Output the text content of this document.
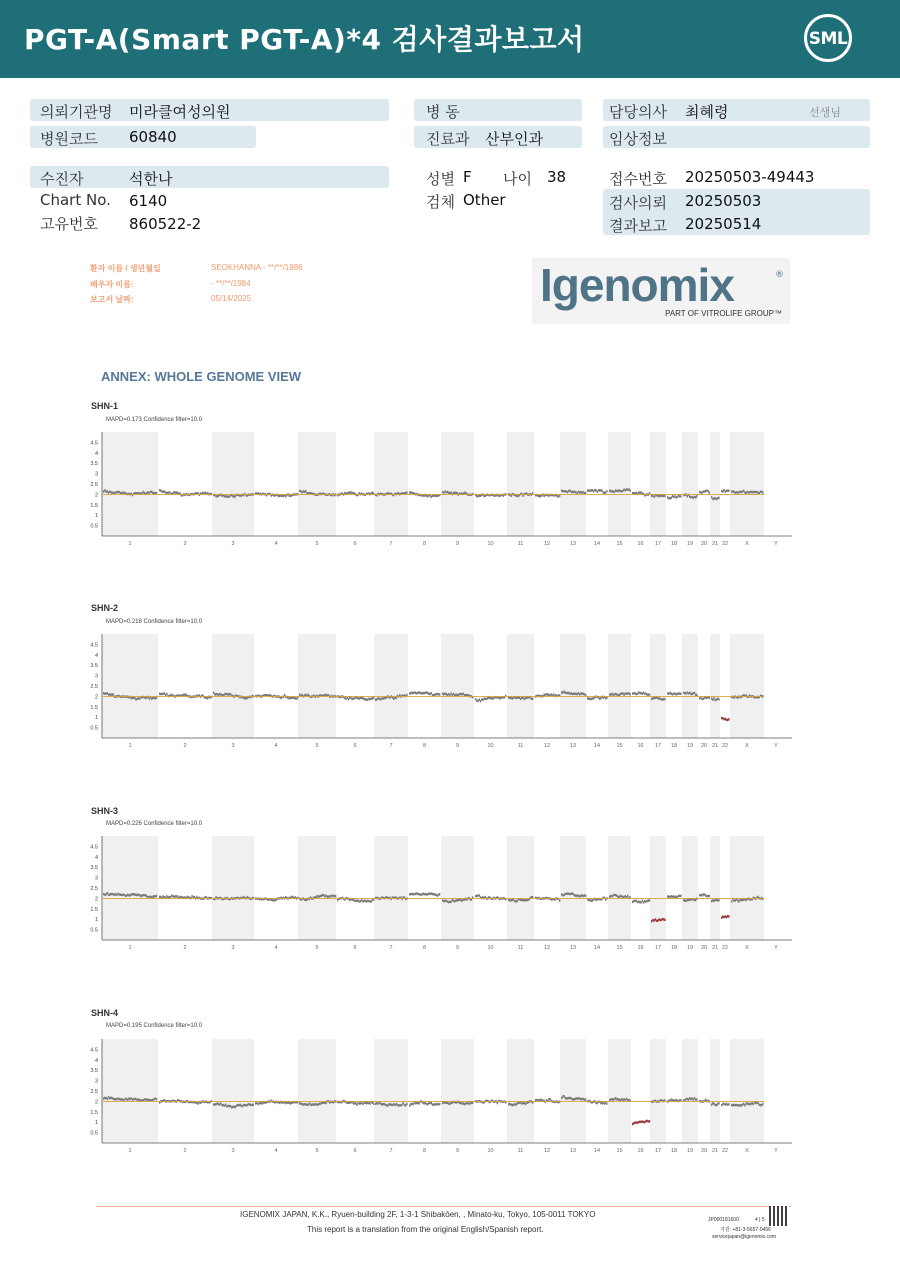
PGT-A(Smart PGT-A)*4 검사결과보고서	SML
의뢰기관명 미라클여성의원
병원코드 60840
병 동
진료과 산부인과
담당의사 최혜령	선생님
임상정보
수진자	석한나
Chart No. 6140
고유번호 860522-2
성별 F 나이 38
검체 Other
접수번호 20250503-49443
검사의뢰 20250503
결과보고 20250514
환자 이름 / 생년월일	SEOKHANNA - **/**/1986
배우자 이름:	- **/**/1984
보고서 날짜:	05/14/2025	Igenomix	®
PART OF VITROLIFE GROUP™
ANNEX: WHOLE GENOME VIEW
SHN-1
MAPD=0.173 Confidence filter=10.0
SHN-2
MAPD=0.218 Confidence filter=10.0
SHN-3
MAPD=0.226 Confidence filter=10.0
SHN-4
MAPD=0.195 Confidence filter=10.0
4.5
4
3.5
3
2.5
2
1.5
1
0.5
1	2	3	4	5	6	7	8	9	10	11	12	13	14	15	16 17 18 19 20 21 22	X	Y
4.5
4
3.5
3
2.5
2
1.5
1
0.5
1	2	3	4	5	6	7	8	9	10	11	12	13	14	15	16 17 18 19 20 21 22	X	Y
4.5
4
3.5
3
2.5
2
1.5
1
0.5
1	2	3	4	5	6	7	8	9	10	11	12	13	14	15	16 17 18 19 20 21 22	X	Y
4.5
4
3.5
3
2.5
2
1.5
1
0.5
1	2	3	4	5	6	7	8	9	10	11	12	13	14	15	16 17 18 19 20 21 22	X	Y
IGENOMIX JAPAN, K.K., Ryuen-building 2F, 1-3-1 Shibakōen, , Minato-ku, Tokyo, 105-0011 TOKYO
This report is a translation from the original English/Spanish report.
JP000181600	4 | 5
지원: +81-3-5657-0456
servicejapan@igenomix.com
